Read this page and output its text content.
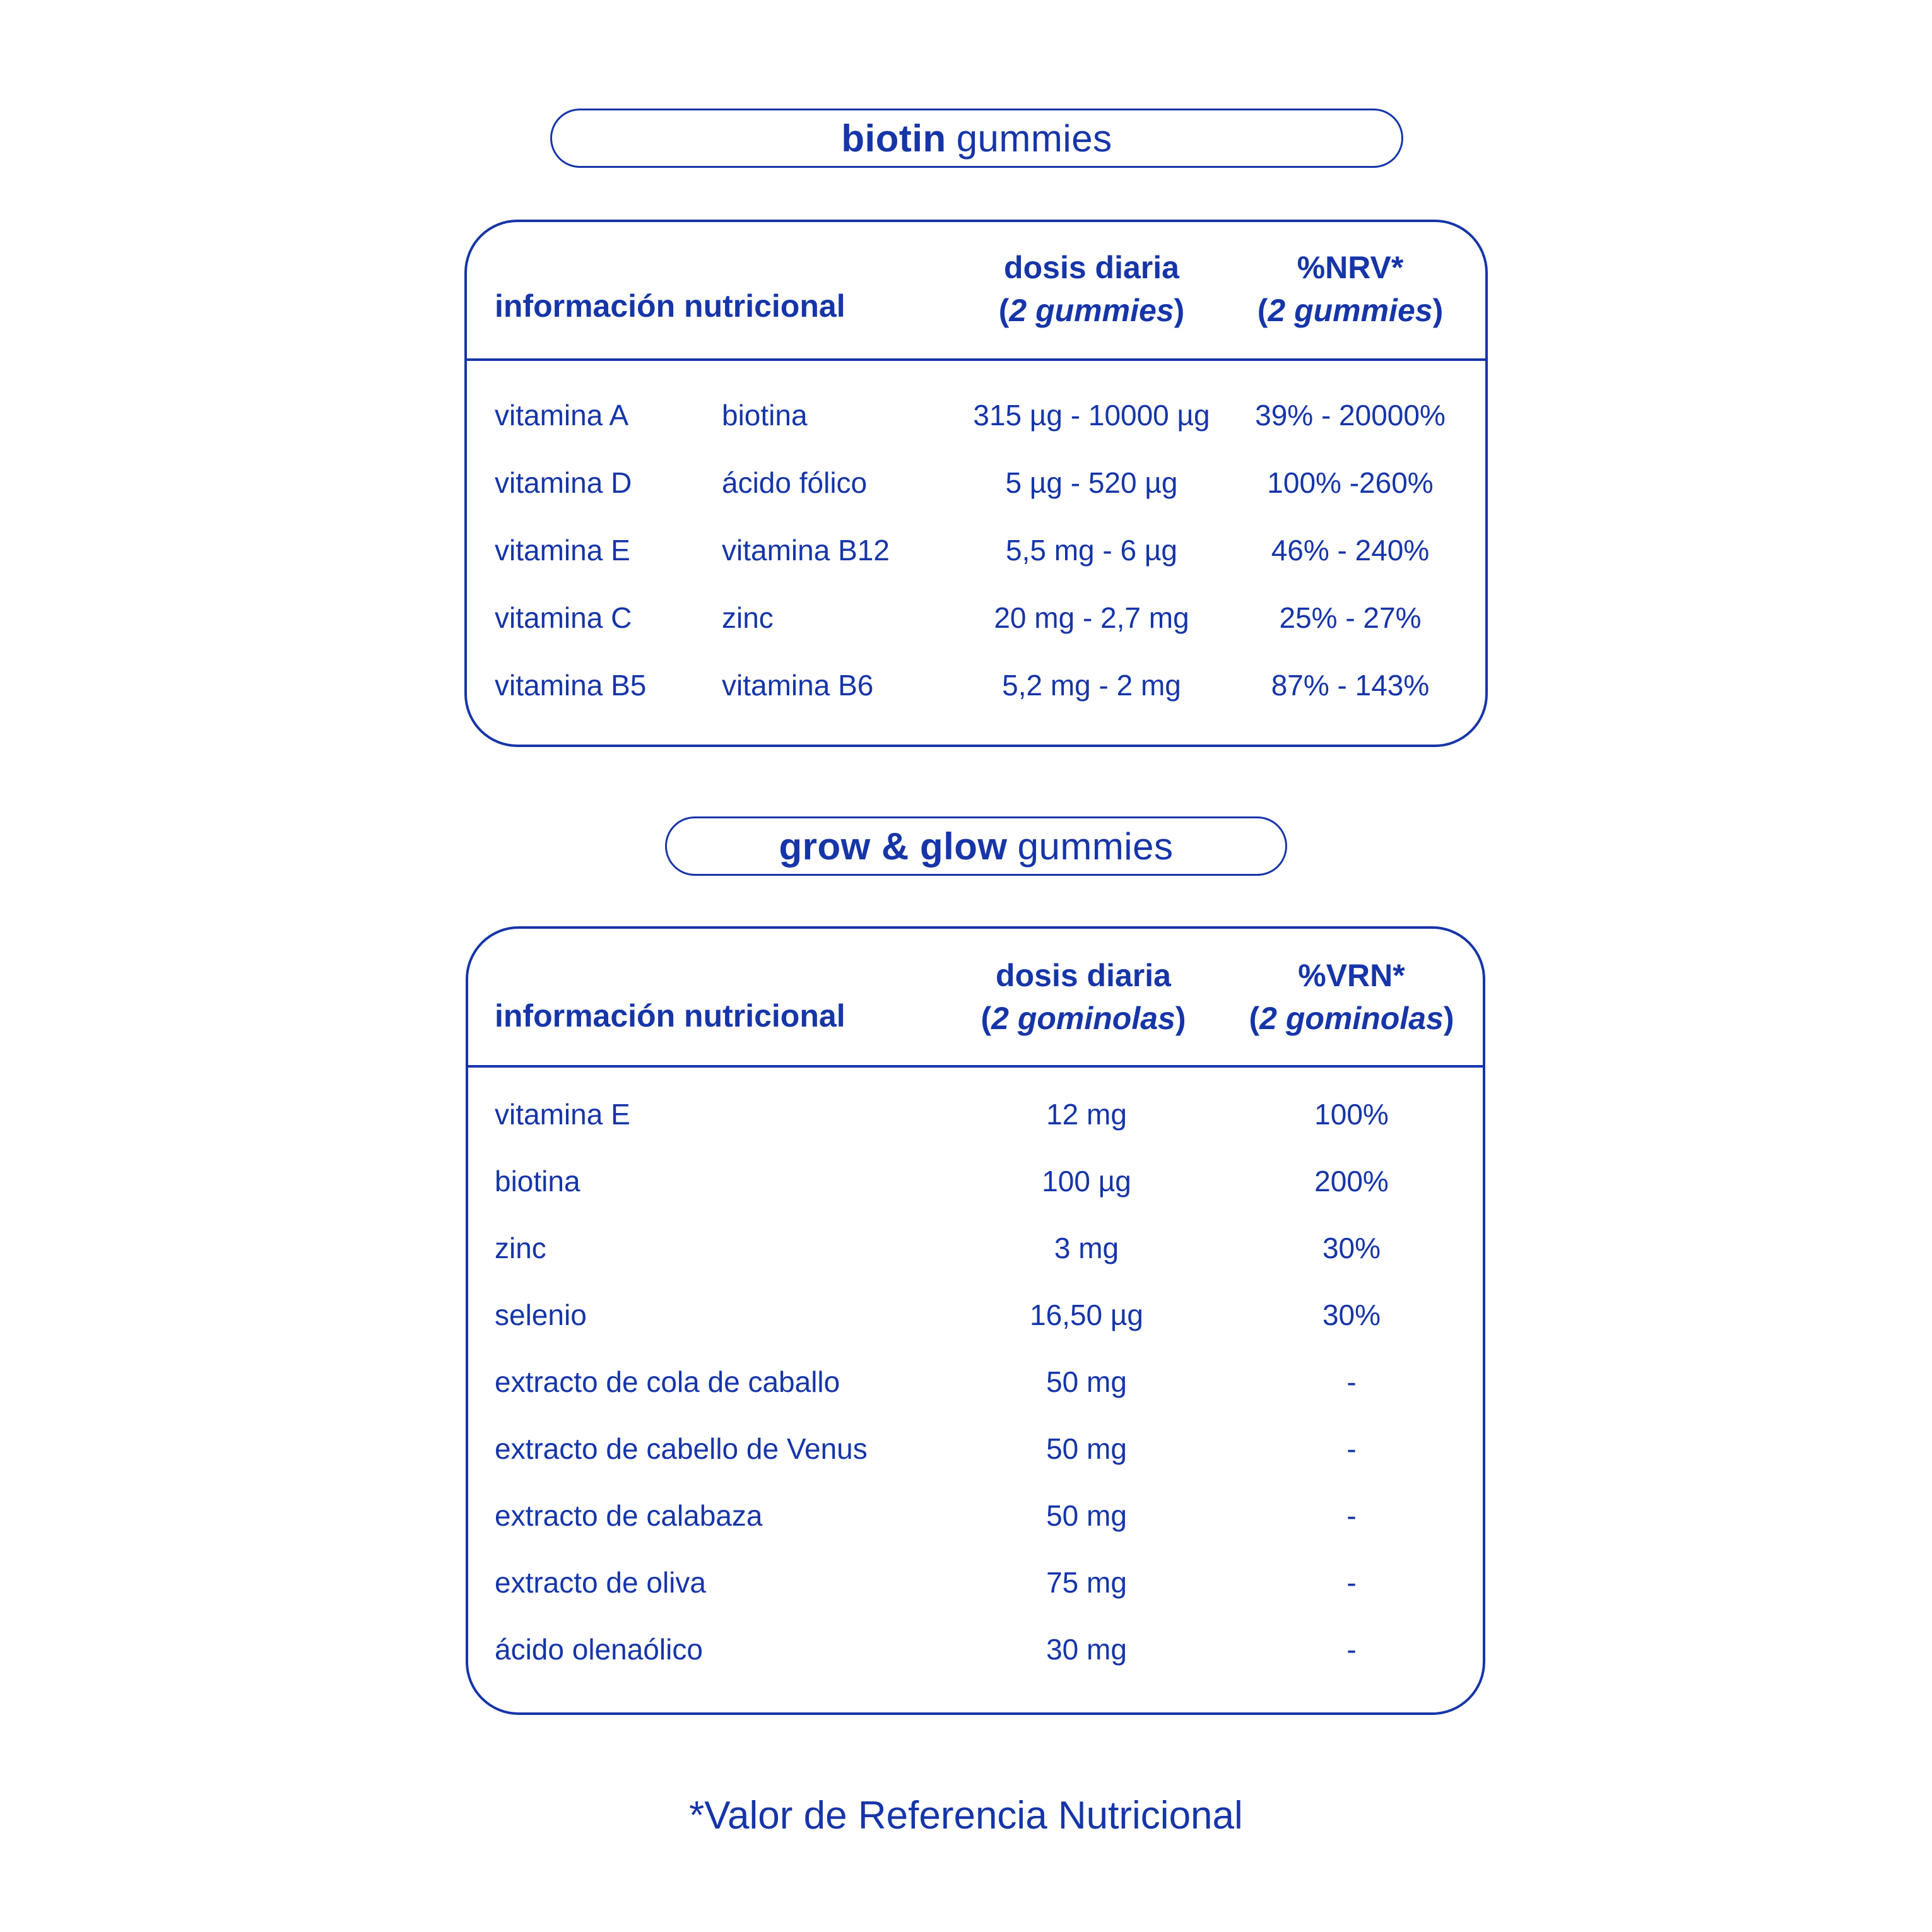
biotin gummies
información nutricional
dosis diaria
(2 gummies)
%NRV*
(2 gummies)
vitamina A	biotina	315 µg - 10000 µg	39% - 20000%
vitamina D	ácido fólico	5 µg - 520 µg	100% -260%
vitamina E	vitamina B12	5,5 mg - 6 µg	46% - 240%
vitamina C	zinc	20 mg - 2,7 mg	25% - 27%
vitamina B5	vitamina B6	5,2 mg - 2 mg	87% - 143%
grow & glow gummies
información nutricional
dosis diaria
(2 gominolas)
%VRN*
(2 gominolas)
vitamina E	12 mg	100%
biotina	100 µg	200%
zinc	3 mg	30%
selenio	16,50 µg	30%
extracto de cola de caballo	50 mg	-
extracto de cabello de Venus	50 mg	-
extracto de calabaza	50 mg	-
extracto de oliva	75 mg	-
ácido olenaólico	30 mg	-
*Valor de Referencia Nutricional
